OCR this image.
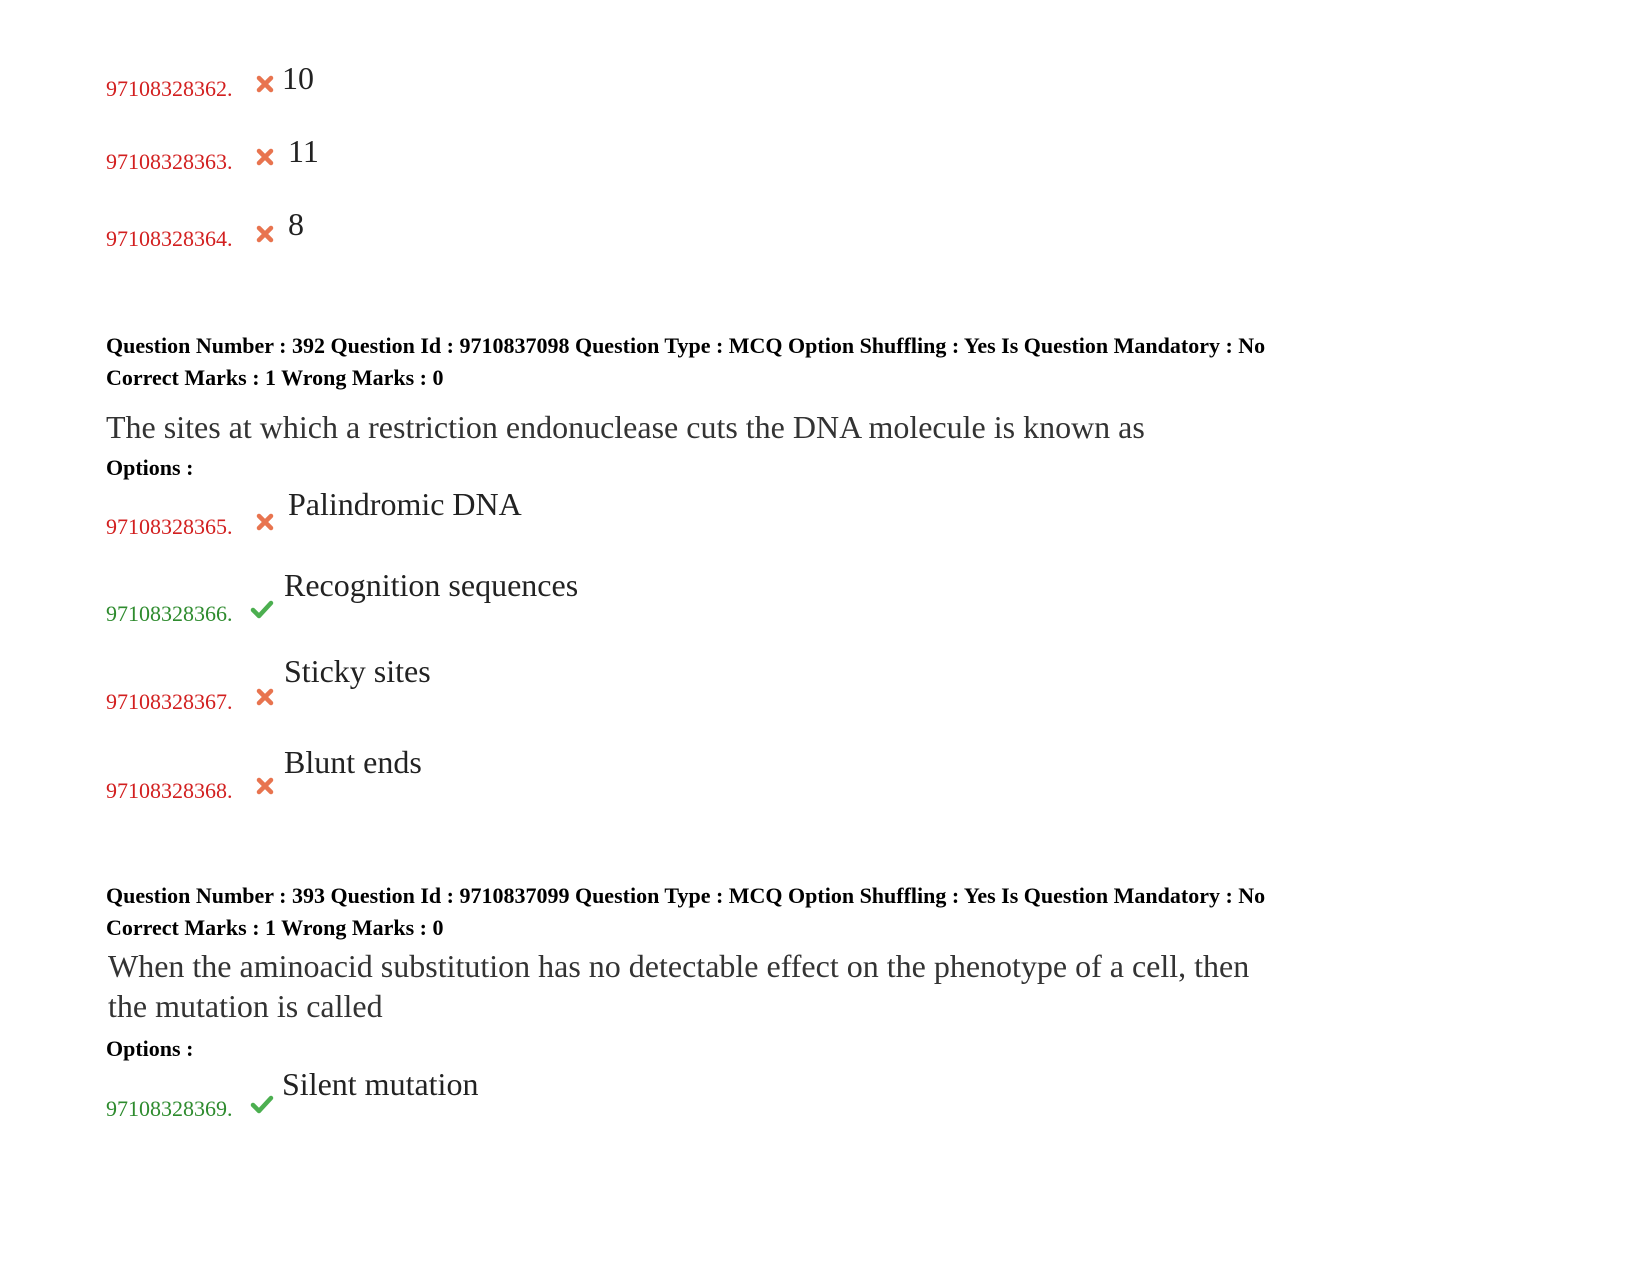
97108328362. 10
97108328363. 11
97108328364. 8
Question Number : 392 Question Id : 9710837098 Question Type : MCQ Option Shuffling : Yes Is Question Mandatory : No
Correct Marks : 1 Wrong Marks : 0
The sites at which a restriction endonuclease cuts the DNA molecule is known as
Options :
97108328365.
Palindromic DNA
97108328366.
Recognition sequences
97108328367.
Sticky sites
97108328368.
Blunt ends
Question Number : 393 Question Id : 9710837099 Question Type : MCQ Option Shuffling : Yes Is Question Mandatory : No
Correct Marks : 1 Wrong Marks : 0
When the aminoacid substitution has no detectable effect on the phenotype of a cell, then
the mutation is called
Options :
97108328369.
Silent mutation
